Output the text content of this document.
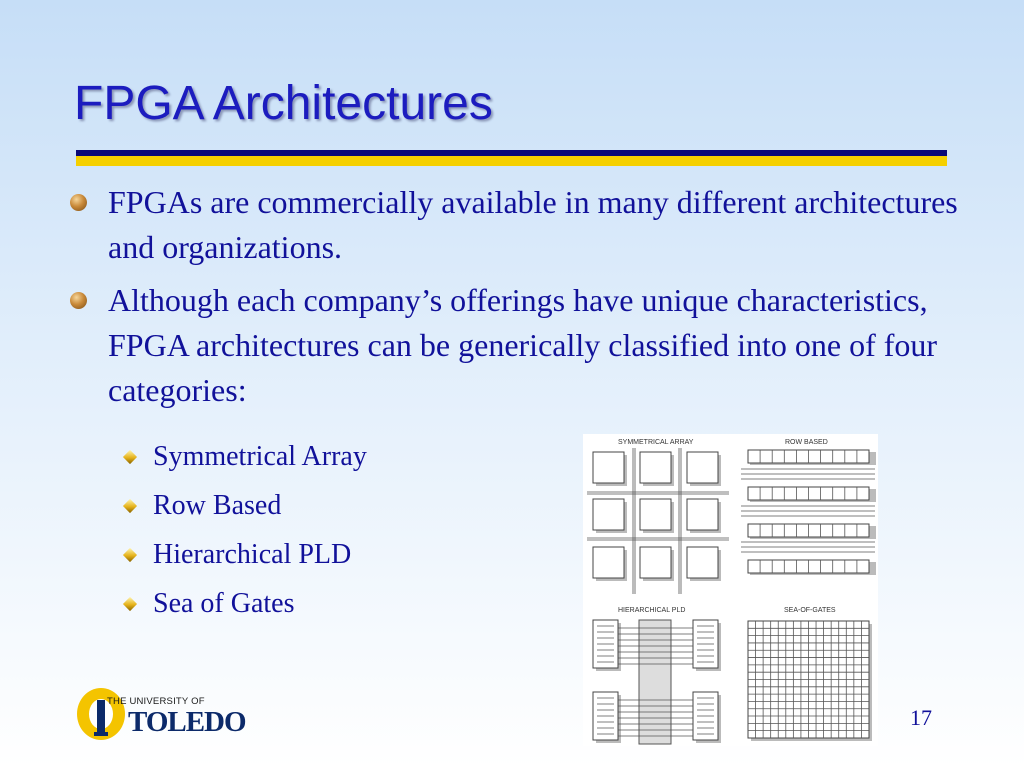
FPGA Architectures
FPGAs are commercially available in many different architectures and organizations.
Although each company’s offerings have unique characteristics, FPGA architectures can be generically classified into one of four categories:
Symmetrical Array
Row Based
Hierarchical PLD
Sea of Gates
SYMMETRICAL ARRAY	ROW BASED
HIERARCHICAL PLD	SEA-OF-GATES
THE UNIVERSITY OF
TOLEDO	17
